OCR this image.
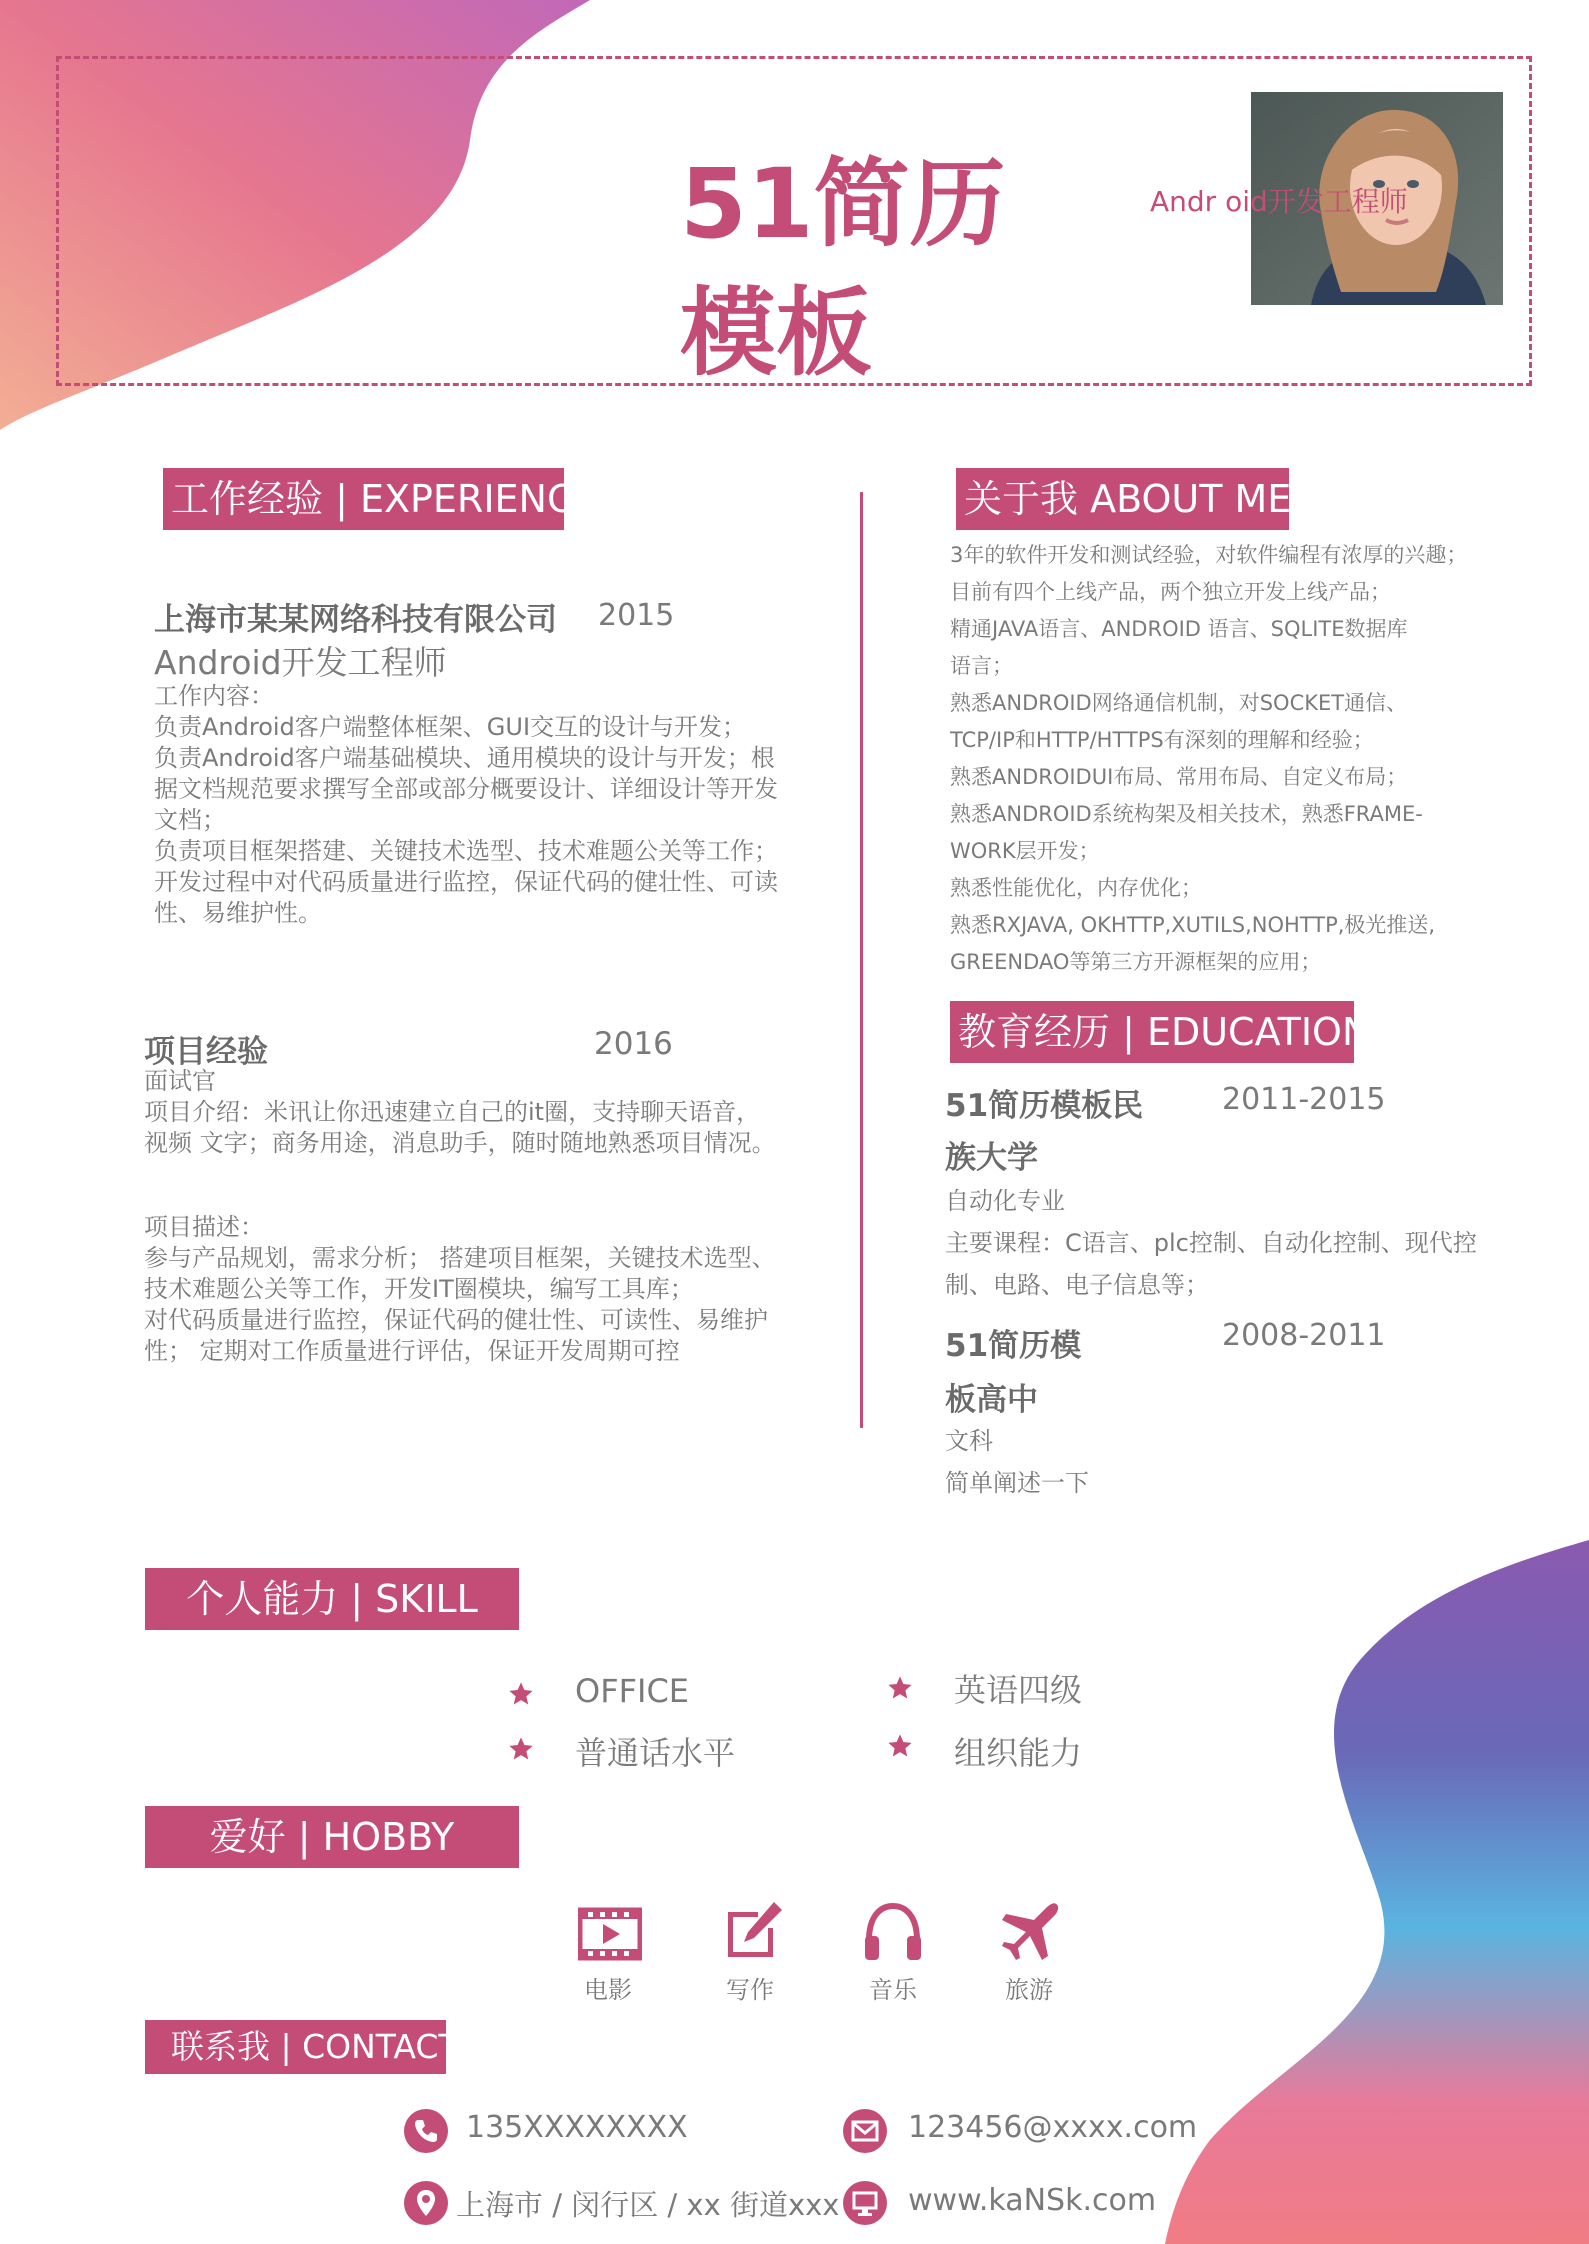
51简历
模板
Andr oid开发工程师
工作经验 | EXPERIENCE
上海市某某网络科技有限公司 2015
Android开发工程师
工作内容：
负责Android客户端整体框架、GUI交互的设计与开发；
负责Android客户端基础模块、通用模块的设计与开发；根
据文档规范要求撰写全部或部分概要设计、详细设计等开发
文档；
负责项目框架搭建、关键技术选型、技术难题公关等工作；
开发过程中对代码质量进行监控，保证代码的健壮性、可读
性、易维护性。
项目经验	2016
面试官
项目介绍：米讯让你迅速建立自己的it圈，支持聊天语音，
视频 文字；商务用途，消息助手，随时随地熟悉项目情况。
项目描述：
参与产品规划，需求分析； 搭建项目框架，关键技术选型、
技术难题公关等工作，开发IT圈模块，编写工具库；
对代码质量进行监控，保证代码的健壮性、可读性、易维护
性； 定期对工作质量进行评估，保证开发周期可控
关于我 ABOUT ME
3年的软件开发和测试经验，对软件编程有浓厚的兴趣；
目前有四个上线产品，两个独立开发上线产品；
精通JAVA语言、ANDROID 语言、SQLITE数据库
语言；
熟悉ANDROID网络通信机制，对SOCKET通信、
TCP/IP和HTTP/HTTPS有深刻的理解和经验；
熟悉ANDROIDUI布局、常用布局、自定义布局；
熟悉ANDROID系统构架及相关技术，熟悉FRAME-
WORK层开发；
熟悉性能优化，内存优化；
熟悉RXJAVA, OKHTTP,XUTILS,NOHTTP,极光推送,
GREENDAO等第三方开源框架的应用；
教育经历 | EDUCATION
51简历模板民	2011-2015
族大学
自动化专业
主要课程：C语言、plc控制、自动化控制、现代控
制、电路、电子信息等；
51简历模	2008-2011
板高中
文科
简单阐述一下
个人能力 | SKILL
OFFICE	英语四级
普通话水平	组织能力
爱好 | HOBBY
电影	写作	音乐	旅游
联系我 | CONTACT
135XXXXXXXX	123456@xxxx.com
上海市 / 闵行区 / xx 街道xxx www.kaNSk.com
